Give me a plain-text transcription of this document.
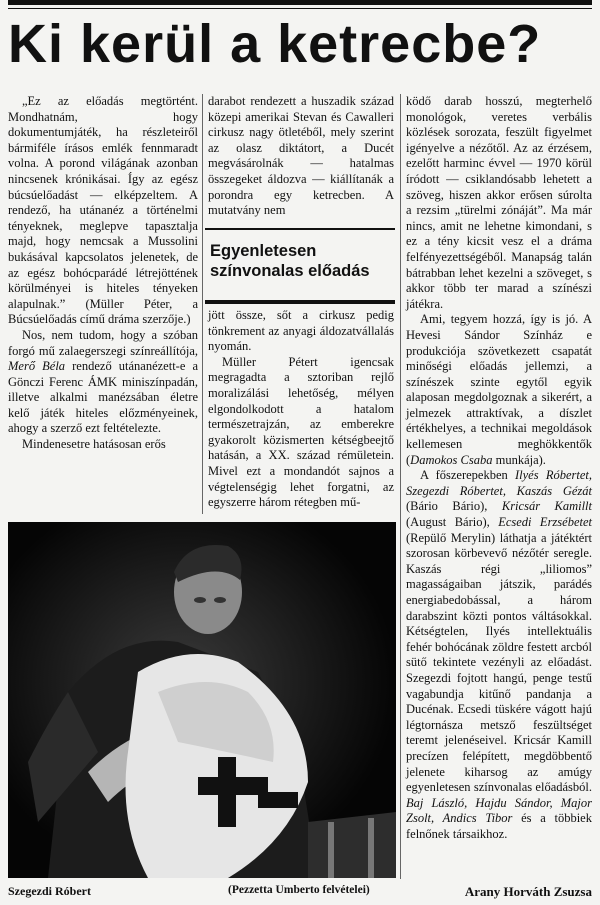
Ki kerül a ketrecbe?

„Ez az előadás megtörtént. Mondhatnám, hogy dokumentumjáték, ha részleteiről bármiféle írásos emlék fennmaradt volna. A porond világának azonban nincsenek krónikásai. Így az egész búcsúelőadást — elképzeltem. A rendező, ha utánanéz a történelmi tényeknek, meglepve tapasztalja majd, hogy nemcsak a Mussolini bukásával kapcsolatos jelenetek, de az egész bohócparádé létrejöttének körülményei is hiteles tényeken alapulnak.” (Müller Péter, a Búcsúelőadás című dráma szerzője.)

Nos, nem tudom, hogy a szóban forgó mű zalaegerszegi színreállítója, Merő Béla rendező utánanézett-e a Gönczi Ferenc ÁMK miniszínpadán, illetve alkalmi manézsában életre kelő játék hiteles előzményeinek, ahogy a szerző ezt feltételezte.

Mindenesetre hatásosan erős

darabot rendezett a huszadik század közepi amerikai Stevan és Cawalleri cirkusz nagy ötletéből, mely szerint az olasz diktátort, a Ducét megvásárolnák — hatalmas összegeket áldozva — kiállítanák a porondra egy ketrecben. A mutatvány nem

Egyenletesen színvonalas előadás

jött össze, sőt a cirkusz pedig tönkrement az anyagi áldozatvállalás nyomán.

Müller Pétert igencsak megragadta a sztoriban rejlő moralizálási lehetőség, mélyen elgondolkodott a hatalom természetrajzán, az emberekre gyakorolt közismerten kétségbeejtő hatásán, a XX. század rémületein. Mivel ezt a mondandót sajnos a végtelenségig lehet forgatni, az egyszerre három rétegben mű-

ködő darab hosszú, megterhelő monológok, veretes verbális közlések sorozata, feszült figyelmet igényelve a nézőtől. Az az érzésem, ezelőtt harminc évvel — 1970 körül íródott — csiklandósabb lehetett a szöveg, hiszen akkor erősen súrolta a rezsim „türelmi zónáját”. Ma már nincs, amit ne lehetne kimondani, s ez a tény kicsit vesz el a dráma felfényezettségéből. Manapság talán bátrabban lehet kezelni a szöveget, s akkor több ter marad a színészi játékra.

Ami, tegyem hozzá, így is jó. A Hevesi Sándor Színház e produkciója szövetkezett csapatát minőségi előadás jellemzi, a színészek szinte egytől egyik alaposan megdolgoznak a sikerért, a jelmezek attraktívak, a díszlet értékhelyes, a technikai megoldások kellemesen meghökkentők (Damokos Csaba munkája).

A főszerepekben Ilyés Róbertet, Szegezdi Róbertet, Kaszás Gézát (Bário Bário), Kricsár Kamillt (August Bário), Ecsedi Erzsébetet (Repülő Merylin) láthatja a játéktért szorosan körbevevő nézőtér seregle. Kaszás régi „liliomos” magasságaiban játszik, parádés energiabedobással, a három darabszint közti pontos váltásokkal. Kétségtelen, Ilyés intellektuális fehér bohócának zöldre festett arcból sütő tekintete vezényli az előadást. Szegezdi fojtott hangú, penge testű vagabundja kitűnő pandanja a Ducénak. Ecsedi tüskére vágott hajú légtornásza metsző feszültséget teremt jelenéseivel. Kricsár Kamill precízen felépített, megdöbbentő jelenete kiharsog az amúgy egyenletesen színvonalas előadásból. Baj László, Hajdu Sándor, Major Zsolt, Andics Tibor és a többiek felnőnek társaikhoz.

Szegezdi Róbert	(Pezzetta Umberto felvételei)	Arany Horváth Zsuzsa
